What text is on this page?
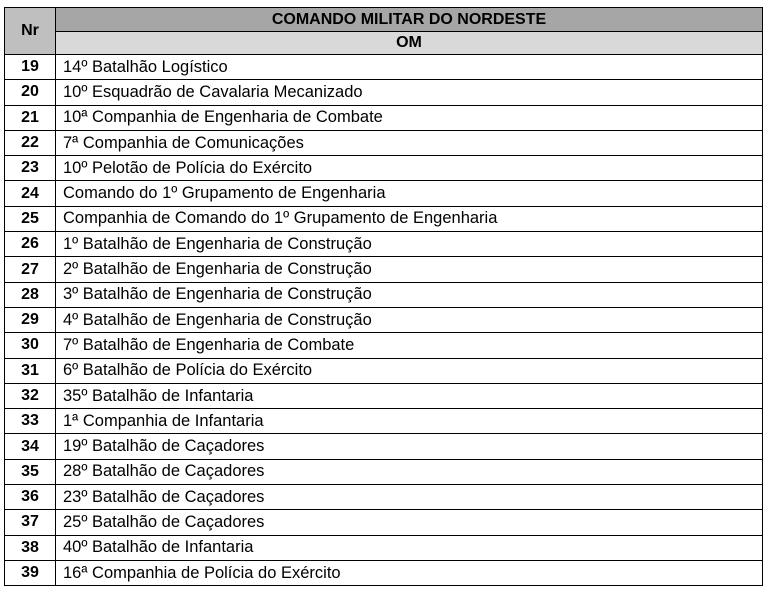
Nr	COMANDO MILITAR DO NORDESTE
	OM
19	14º Batalhão Logístico
20	10º Esquadrão de Cavalaria Mecanizado
21	10ª Companhia de Engenharia de Combate
22	7ª Companhia de Comunicações
23	10º Pelotão de Polícia do Exército
24	Comando do 1º Grupamento de Engenharia
25	Companhia de Comando do 1º Grupamento de Engenharia
26	1º Batalhão de Engenharia de Construção
27	2º Batalhão de Engenharia de Construção
28	3º Batalhão de Engenharia de Construção
29	4º Batalhão de Engenharia de Construção
30	7º Batalhão de Engenharia de Combate
31	6º Batalhão de Polícia do Exército
32	35º Batalhão de Infantaria
33	1ª Companhia de Infantaria
34	19º Batalhão de Caçadores
35	28º Batalhão de Caçadores
36	23º Batalhão de Caçadores
37	25º Batalhão de Caçadores
38	40º Batalhão de Infantaria
39	16ª Companhia de Polícia do Exército
